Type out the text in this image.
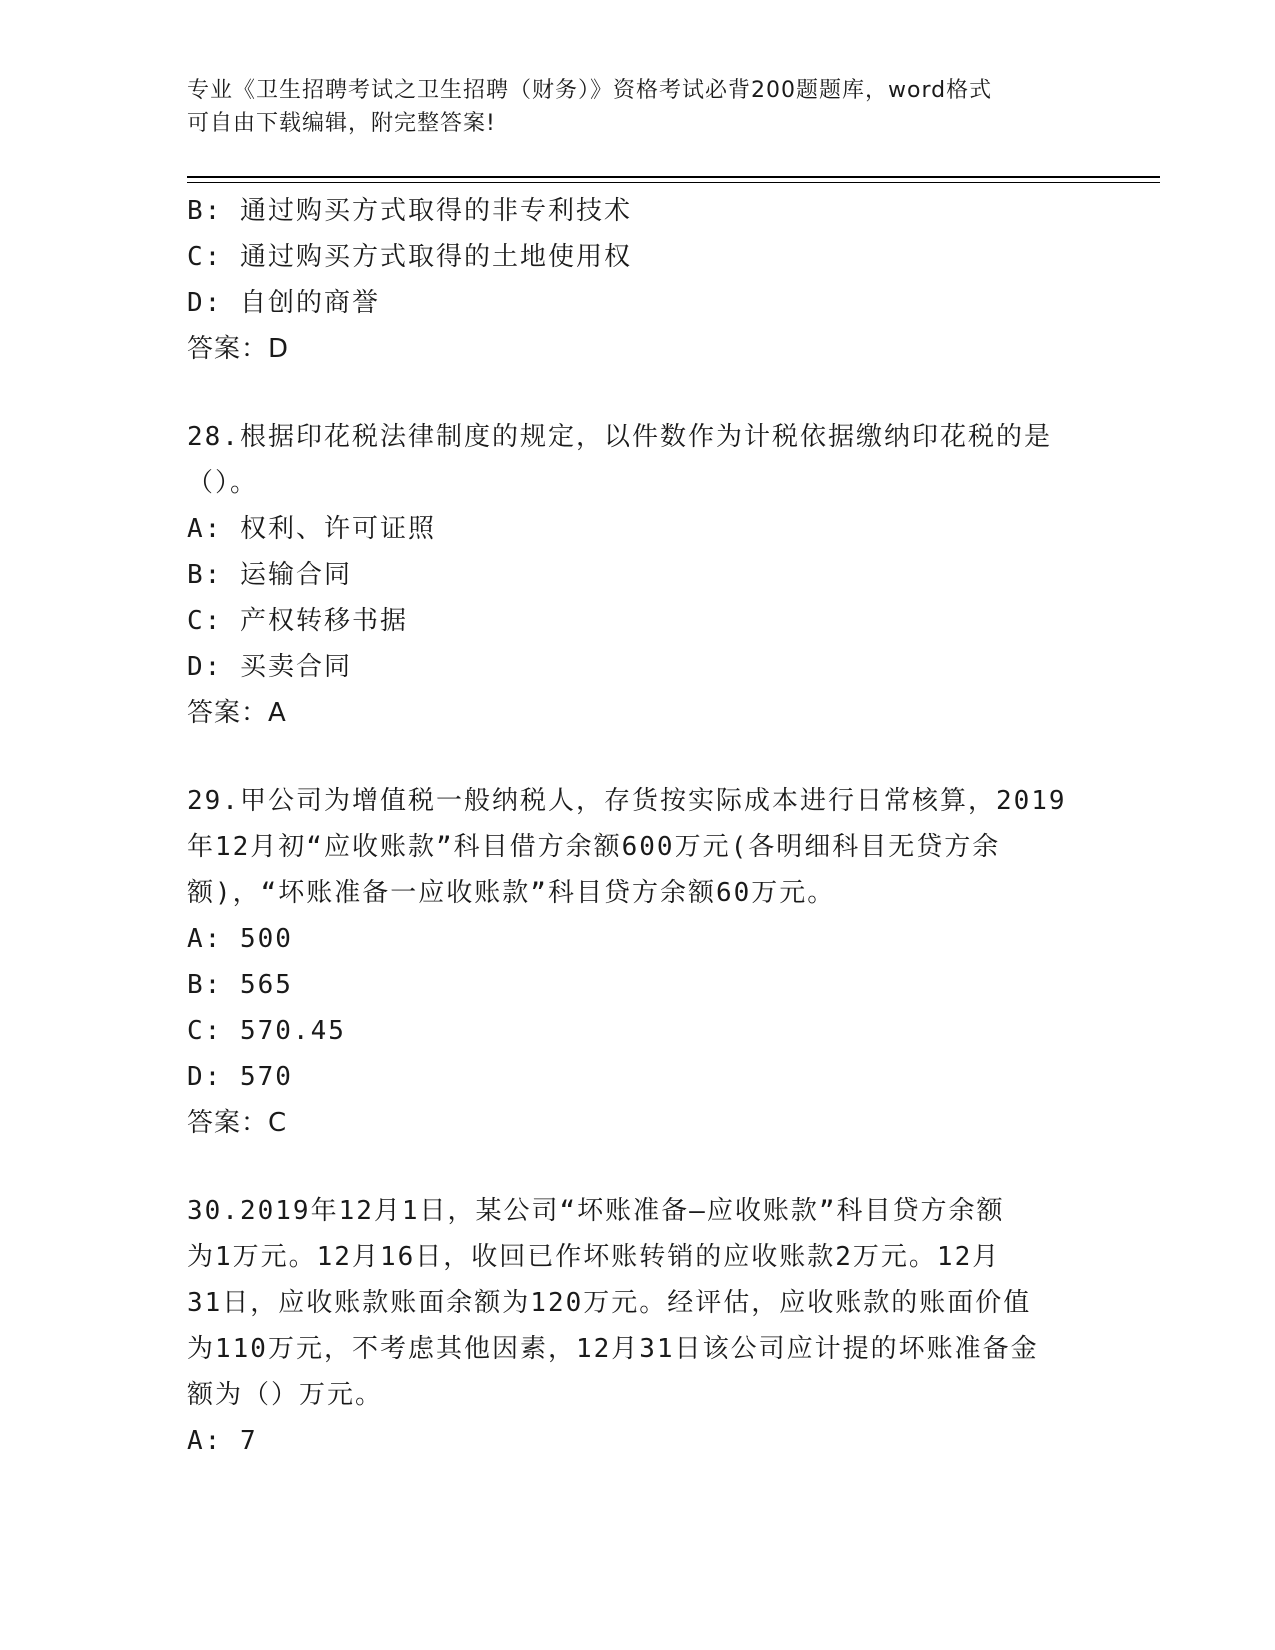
专业《卫生招聘考试之卫生招聘（财务）》资格考试必背200题题库，word格式
可自由下载编辑，附完整答案!
B: 通过购买方式取得的非专利技术
C: 通过购买方式取得的土地使用权
D: 自创的商誉
答案：D
28.根据印花税法律制度的规定，以件数作为计税依据缴纳印花税的是
（）。
A: 权利、许可证照
B: 运输合同
C: 产权转移书据
D: 买卖合同
答案：A
29.甲公司为增值税一般纳税人，存货按实际成本进行日常核算，2019
年12月初“应收账款”科目借方余额600万元(各明细科目无贷方余
额)，“坏账准备一应收账款”科目贷方余额60万元。
A: 500
B: 565
C: 570.45
D: 570
答案：C
30.2019年12月1日，某公司“坏账准备—应收账款”科目贷方余额
为1万元。12月16日，收回已作坏账转销的应收账款2万元。12月
31日，应收账款账面余额为120万元。经评估，应收账款的账面价值
为110万元，不考虑其他因素，12月31日该公司应计提的坏账准备金
额为（）万元。
A: 7
